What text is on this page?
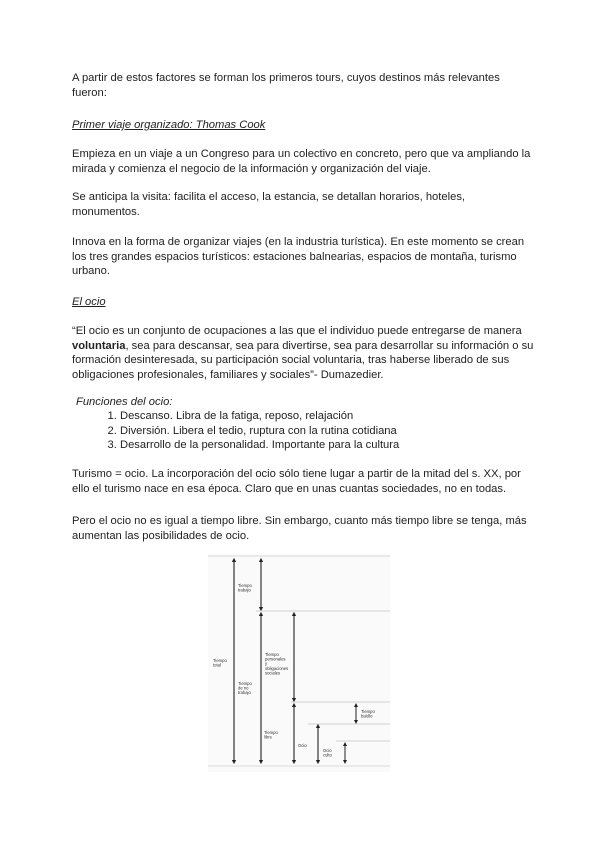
A partir de estos factores se forman los primeros tours, cuyos destinos más relevantes fueron:
Primer viaje organizado: Thomas Cook
Empieza en un viaje a un Congreso para un colectivo en concreto, pero que va ampliando la mirada y comienza el negocio de la información y organización del viaje.
Se anticipa la visita: facilita el acceso, la estancia, se detallan horarios, hoteles, monumentos.
Innova en la forma de organizar viajes (en la industria turística). En este momento se crean los tres grandes espacios turísticos: estaciones balnearias, espacios de montaña, turismo urbano.
El ocio
“El ocio es un conjunto de ocupaciones a las que el individuo puede entregarse de manera voluntaria, sea para descansar, sea para divertirse, sea para desarrollar su información o su formación desinteresada, su participación social voluntaria, tras haberse liberado de sus obligaciones profesionales, familiares y sociales”- Dumazedier.
Funciones del ocio:
1. Descanso. Libra de la fatiga, reposo, relajación
2. Diversión. Libera el tedio, ruptura con la rutina cotidiana
3. Desarrollo de la personalidad. Importante para la cultura
Turismo = ocio. La incorporación del ocio sólo tiene lugar a partir de la mitad del s. XX, por ello el turismo nace en esa época. Claro que en unas cuantas sociedades, no en todas.
Pero el ocio no es igual a tiempo libre. Sin embargo, cuanto más tiempo libre se tenga, más aumentan las posibilidades de ocio.
Tiempo trabajo
Tiempo total
Tiempo de no trabajo
Tiempo personales y obligaciones sociales
Tiempo libre
Ocio
Tiempo baldío
Ocio culto
